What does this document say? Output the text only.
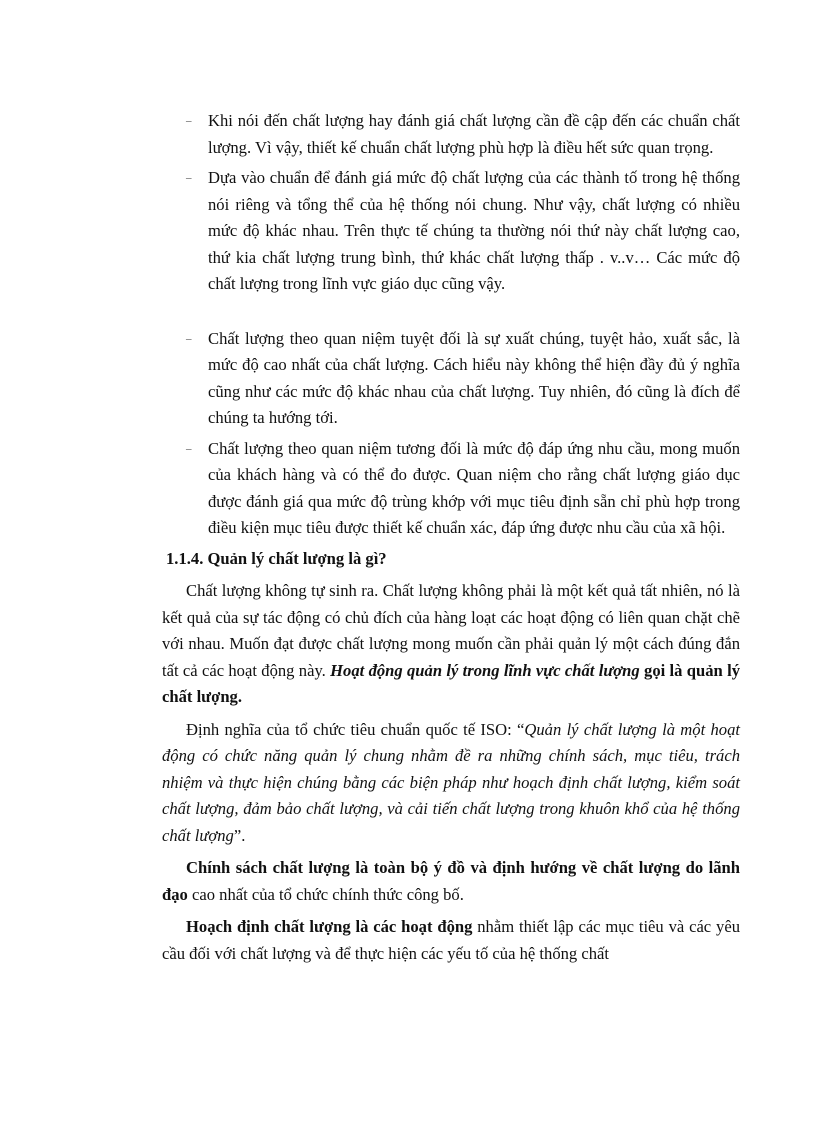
– Khi nói đến chất lượng hay đánh giá chất lượng cần đề cập đến các chuẩn chất lượng. Vì vậy, thiết kế chuẩn chất lượng phù hợp là điều hết sức quan trọng.

– Dựa vào chuẩn để đánh giá mức độ chất lượng của các thành tố trong hệ thống nói riêng và tổng thể của hệ thống nói chung. Như vậy, chất lượng có nhiều mức độ khác nhau. Trên thực tế chúng ta thường nói thứ này chất lượng cao, thứ kia chất lượng trung bình, thứ khác chất lượng thấp . v..v… Các mức độ chất lượng trong lĩnh vực giáo dục cũng vậy.

– Chất lượng theo quan niệm tuyệt đối là sự xuất chúng, tuyệt hảo, xuất sắc, là mức độ cao nhất của chất lượng. Cách hiểu này không thể hiện đầy đủ ý nghĩa cũng như các mức độ khác nhau của chất lượng. Tuy nhiên, đó cũng là đích để chúng ta hướng tới.

– Chất lượng theo quan niệm tương đối là mức độ đáp ứng nhu cầu, mong muốn của khách hàng và có thể đo được. Quan niệm cho rằng chất lượng giáo dục được đánh giá qua mức độ trùng khớp với mục tiêu định sẵn chỉ phù hợp trong điều kiện mục tiêu được thiết kế chuẩn xác, đáp ứng được nhu cầu của xã hội.

1.1.4. Quản lý chất lượng là gì?

Chất lượng không tự sinh ra. Chất lượng không phải là một kết quả tất nhiên, nó là kết quả của sự tác động có chủ đích của hàng loạt các hoạt động có liên quan chặt chẽ với nhau. Muốn đạt được chất lượng mong muốn cần phải quản lý một cách đúng đắn tất cả các hoạt động này. Hoạt động quản lý trong lĩnh vực chất lượng gọi là quản lý chất lượng.

Định nghĩa của tổ chức tiêu chuẩn quốc tế ISO: “Quản lý chất lượng là một hoạt động có chức năng quản lý chung nhằm đề ra những chính sách, mục tiêu, trách nhiệm và thực hiện chúng bằng các biện pháp như hoạch định chất lượng, kiểm soát chất lượng, đảm bảo chất lượng, và cải tiến chất lượng trong khuôn khổ của hệ thống chất lượng”.

Chính sách chất lượng là toàn bộ ý đồ và định hướng về chất lượng do lãnh đạo cao nhất của tổ chức chính thức công bố.

Hoạch định chất lượng là các hoạt động nhằm thiết lập các mục tiêu và các yêu cầu đối với chất lượng và để thực hiện các yếu tố của hệ thống chất
